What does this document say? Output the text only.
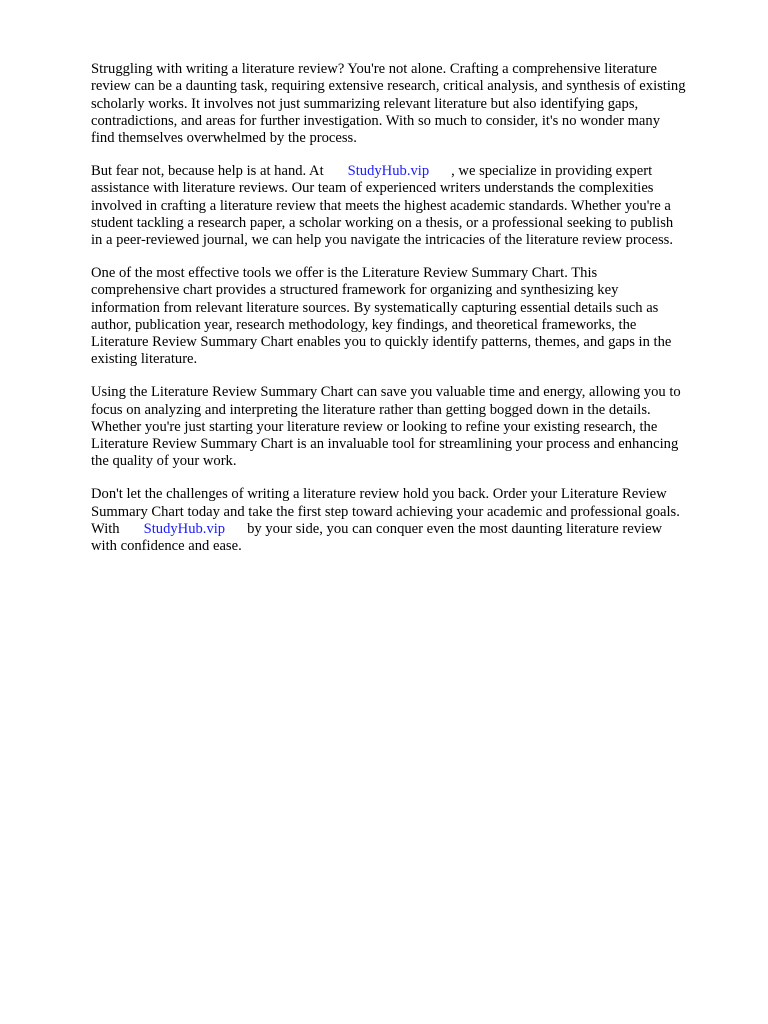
Struggling with writing a literature review? You're not alone. Crafting a comprehensive literature
review can be a daunting task, requiring extensive research, critical analysis, and synthesis of existing
scholarly works. It involves not just summarizing relevant literature but also identifying gaps,
contradictions, and areas for further investigation. With so much to consider, it's no wonder many
find themselves overwhelmed by the process.

But fear not, because help is at hand. At StudyHub.vip , we specialize in providing expert
assistance with literature reviews. Our team of experienced writers understands the complexities
involved in crafting a literature review that meets the highest academic standards. Whether you're a
student tackling a research paper, a scholar working on a thesis, or a professional seeking to publish
in a peer-reviewed journal, we can help you navigate the intricacies of the literature review process.

One of the most effective tools we offer is the Literature Review Summary Chart. This
comprehensive chart provides a structured framework for organizing and synthesizing key
information from relevant literature sources. By systematically capturing essential details such as
author, publication year, research methodology, key findings, and theoretical frameworks, the
Literature Review Summary Chart enables you to quickly identify patterns, themes, and gaps in the
existing literature.

Using the Literature Review Summary Chart can save you valuable time and energy, allowing you to
focus on analyzing and interpreting the literature rather than getting bogged down in the details.
Whether you're just starting your literature review or looking to refine your existing research, the
Literature Review Summary Chart is an invaluable tool for streamlining your process and enhancing
the quality of your work.

Don't let the challenges of writing a literature review hold you back. Order your Literature Review
Summary Chart today and take the first step toward achieving your academic and professional goals.
With StudyHub.vip by your side, you can conquer even the most daunting literature review
with confidence and ease.
